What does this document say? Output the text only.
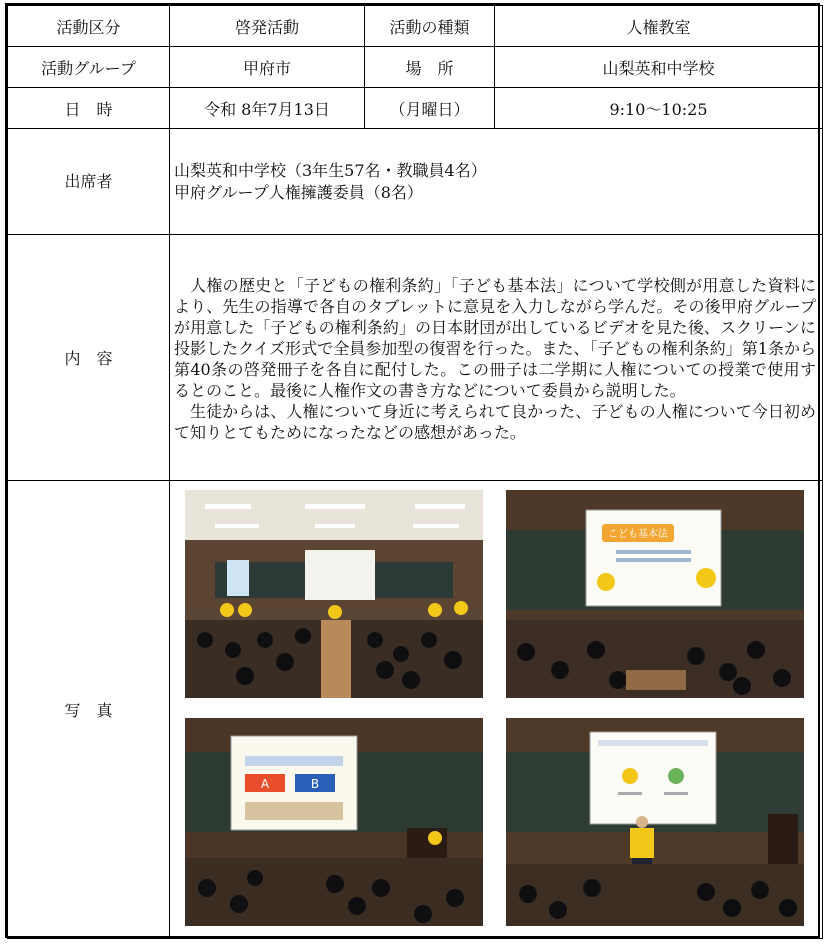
活動区分	啓発活動	活動の種類	人権教室
活動グループ	甲府市	場　所	山梨英和中学校
日　時	令和 8年7月13日	（月曜日）	9:10～10:25
出席者	山梨英和中学校（3年生57名・教職員4名）
甲府グループ人権擁護委員（8名）		

内　容	人権の歴史と「子どもの権利条約」「子ども基本法」について学校側が用意した資料により、先生の指導で各自のタブレットに意見を入力しながら学んだ。その後甲府グループが用意した「子どもの権利条約」の日本財団が出しているビデオを見た後、スクリーンに投影したクイズ形式で全員参加型の復習を行った。また、「子どもの権利条約」第1条から第40条の啓発冊子を各自に配付した。この冊子は二学期に人権についての授業で使用するとのこと。最後に人権作文の書き方などについて委員から説明した。

生徒からは、人権について身近に考えられて良かった、子どもの人権について今日初めて知りとてもためになったなどの感想があった。		

写　真	こども基本法
A B		
